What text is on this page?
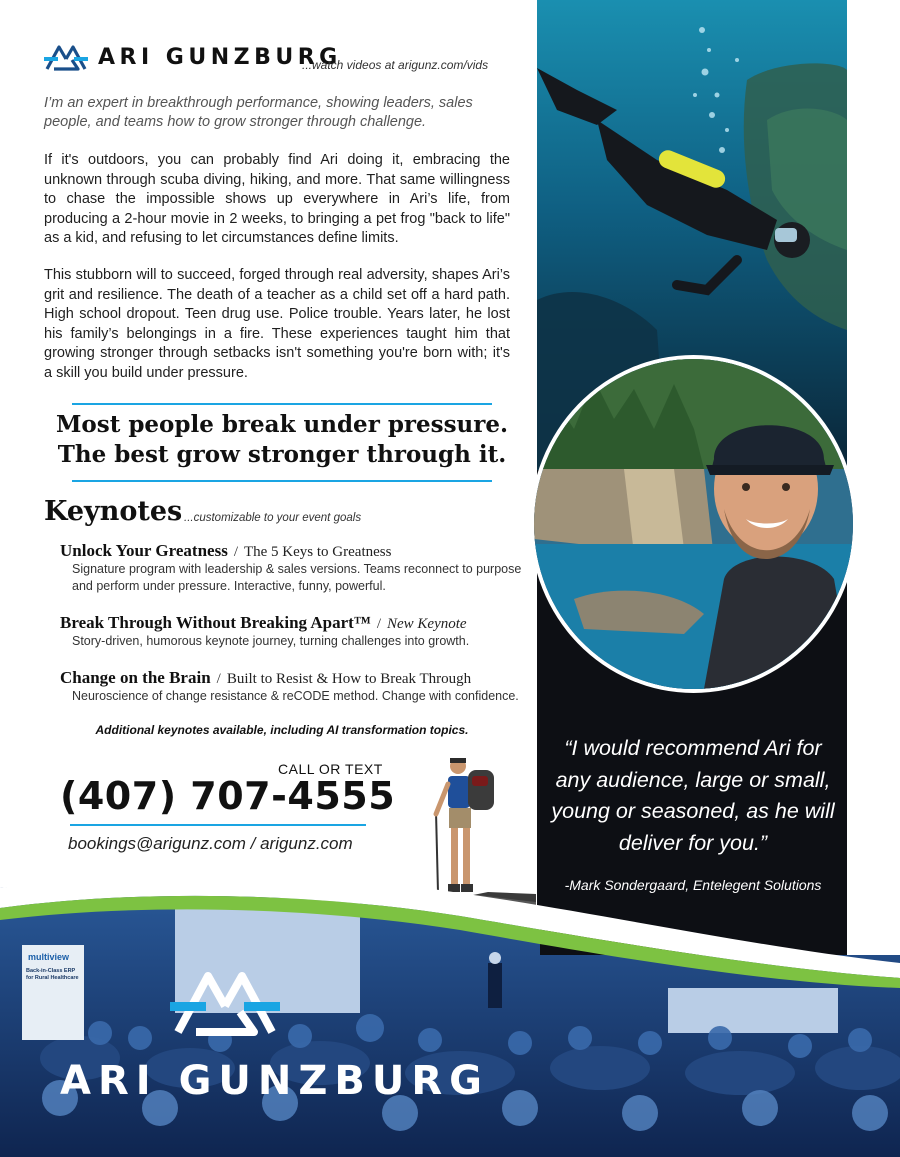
ARI GUNZBURG
...watch videos at arigunz.com/vids
I’m an expert in breakthrough performance, showing leaders, sales people, and teams how to grow stronger through challenge.
If it's outdoors, you can probably find Ari doing it, embracing the unknown through scuba diving, hiking, and more. That same willingness to chase the impossible shows up everywhere in Ari’s life, from producing a 2-hour movie in 2 weeks, to bringing a pet frog "back to life" as a kid, and refusing to let circumstances define limits.
This stubborn will to succeed, forged through real adversity, shapes Ari’s grit and resilience. The death of a teacher as a child set off a hard path. High school dropout. Teen drug use. Police trouble. Years later, he lost his family’s belongings in a fire. These experiences taught him that growing stronger through setbacks isn't something you're born with; it's a skill you build under pressure.
Most people break under pressure.
The best grow stronger through it.
Keynotes ...customizable to your event goals
Unlock Your Greatness / The 5 Keys to Greatness
Signature program with leadership & sales versions. Teams reconnect to purpose and perform under pressure. Interactive, funny, powerful.
Break Through Without Breaking Apart™ / New Keynote
Story-driven, humorous keynote journey, turning challenges into growth.
Change on the Brain / Built to Resist & How to Break Through
Neuroscience of change resistance & reCODE method. Change with confidence.
Additional keynotes available, including AI transformation topics.
CALL OR TEXT
(407) 707-4555
bookings@arigunz.com / arigunz.com
“I would recommend Ari for any audience, large or small, young or seasoned, as he will deliver for you.”
-Mark Sondergaard, Entelegent Solutions
ARI GUNZBURG
multiview
Back-in-Class ERP for Rural Healthcare
